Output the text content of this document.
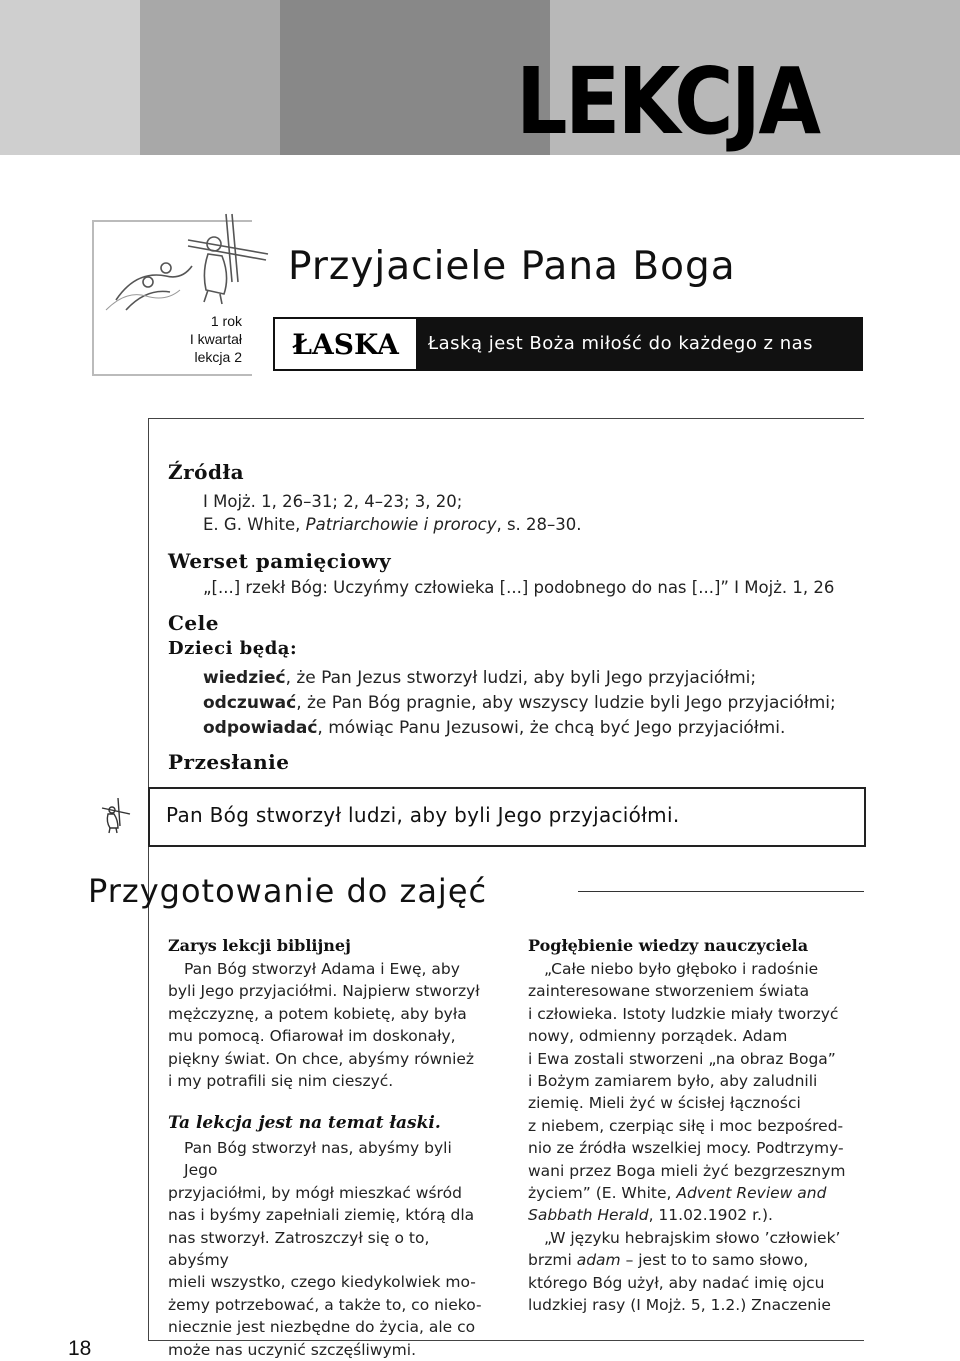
LEKCJA
1 rok
I kwartał
lekcja 2
Przyjaciele Pana Boga
ŁASKA	Łaską jest Boża miłość do każdego z nas
Źródła
I Mojż. 1, 26–31; 2, 4–23; 3, 20;
E. G. White, Patriarchowie i prorocy, s. 28–30.
Werset pamięciowy
„[...] rzekł Bóg: Uczyńmy człowieka [...] podobnego do nas [...]” I Mojż. 1, 26
Cele
Dzieci będą:
wiedzieć, że Pan Jezus stworzył ludzi, aby byli Jego przyjaciółmi;
odczuwać, że Pan Bóg pragnie, aby wszyscy ludzie byli Jego przyjaciółmi;
odpowiadać, mówiąc Panu Jezusowi, że chcą być Jego przyjaciółmi.
Przesłanie
Pan Bóg stworzył ludzi, aby byli Jego przyjaciółmi.
Przygotowanie do zajęć
Zarys lekcji biblijnej

Pan Bóg stworzył Adama i Ewę, aby

byli Jego przyjaciółmi. Najpierw stworzył

mężczyznę, a potem kobietę, aby była

mu pomocą. Ofiarował im doskonały,

piękny świat. On chce, abyśmy również

i my potrafili się nim cieszyć.

Ta lekcja jest na temat łaski.

Pan Bóg stworzył nas, abyśmy byli Jego

przyjaciółmi, by mógł mieszkać wśród

nas i byśmy zapełniali ziemię, którą dla

nas stworzył. Zatroszczył się o to, abyśmy

mieli wszystko, czego kiedykolwiek mo-

żemy potrzebować, a także to, co nieko-

niecznie jest niezbędne do życia, ale co

może nas uczynić szczęśliwymi.

Pogłębienie wiedzy nauczyciela

„Całe niebo było głęboko i radośnie

zainteresowane stworzeniem świata

i człowieka. Istoty ludzkie miały tworzyć

nowy, odmienny porządek. Adam

i Ewa zostali stworzeni „na obraz Boga”

i Bożym zamiarem było, aby zaludnili

ziemię. Mieli żyć w ścisłej łączności

z niebem, czerpiąc siłę i moc bezpośred-

nio ze źródła wszelkiej mocy. Podtrzymy-

wani przez Boga mieli żyć bezgrzesznym

życiem” (E. White, Advent Review and

Sabbath Herald, 11.02.1902 r.).

„W języku hebrajskim słowo ’człowiek’

brzmi adam – jest to to samo słowo,

którego Bóg użył, aby nadać imię ojcu

ludzkiej rasy (I Mojż. 5, 1.2.) Znaczenie

18
